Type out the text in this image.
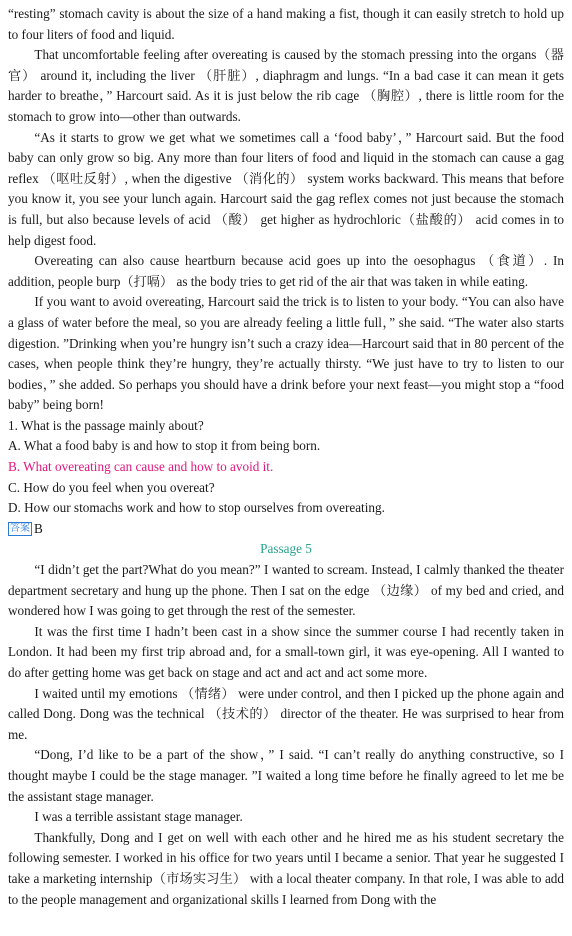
“resting” stomach cavity is about the size of a hand making a fist, though it can easily stretch to hold up to four liters of food and liquid.

That uncomfortable feeling after overeating is caused by the stomach pressing into the organs（器官） around it, including the liver （肝脏）, diaphragm and lungs. “In a bad case it can mean it gets harder to breathe，” Harcourt said. As it is just below the rib cage （胸腔）, there is little room for the stomach to grow into—other than outwards.

“As it starts to grow we get what we sometimes call a ‘food baby’，” Harcourt said. But the food baby can only grow so big. Any more than four liters of food and liquid in the stomach can cause a gag reflex （呕吐反射）, when the digestive （消化的） system works backward. This means that before you know it, you see your lunch again. Harcourt said the gag reflex comes not just because the stomach is full, but also because levels of acid （酸） get higher as hydrochloric（盐酸的） acid comes in to help digest food.

Overeating can also cause heartburn because acid goes up into the oesophagus （食道）. In addition, people burp（打嗝） as the body tries to get rid of the air that was taken in while eating.

If you want to avoid overeating, Harcourt said the trick is to listen to your body. “You can also have a glass of water before the meal, so you are already feeling a little full，” she said. “The water also starts digestion. ”Drinking when you’re hungry isn’t such a crazy idea—Harcourt said that in 80 percent of the cases, when people think they’re hungry, they’re actually thirsty. “We just have to try to listen to our bodies，” she added. So perhaps you should have a drink before your next feast—you might stop a “food baby” being born!

1. What is the passage mainly about?

A. What a food baby is and how to stop it from being born.

B. What overeating can cause and how to avoid it.

C. How do you feel when you overeat?

D. How our stomachs work and how to stop ourselves from overeating.

答案 B

Passage 5

“I didn’t get the part?What do you mean?” I wanted to scream. Instead, I calmly thanked the theater department secretary and hung up the phone. Then I sat on the edge （边缘） of my bed and cried, and wondered how I was going to get through the rest of the semester.

It was the first time I hadn’t been cast in a show since the summer course I had recently taken in London. It had been my first trip abroad and, for a small-town girl, it was eye-opening. All I wanted to do after getting home was get back on stage and act and act and act some more.

I waited until my emotions （情绪） were under control, and then I picked up the phone again and called Dong. Dong was the technical （技术的） director of the theater. He was surprised to hear from me.

“Dong, I’d like to be a part of the show，” I said. “I can’t really do anything constructive, so I thought maybe I could be the stage manager. ”I waited a long time before he finally agreed to let me be the assistant stage manager.

I was a terrible assistant stage manager.

Thankfully, Dong and I get on well with each other and he hired me as his student secretary the following semester. I worked in his office for two years until I became a senior. That year he suggested I take a marketing internship（市场实习生） with a local theater company. In that role, I was able to add to the people management and organizational skills I learned from Dong with the
